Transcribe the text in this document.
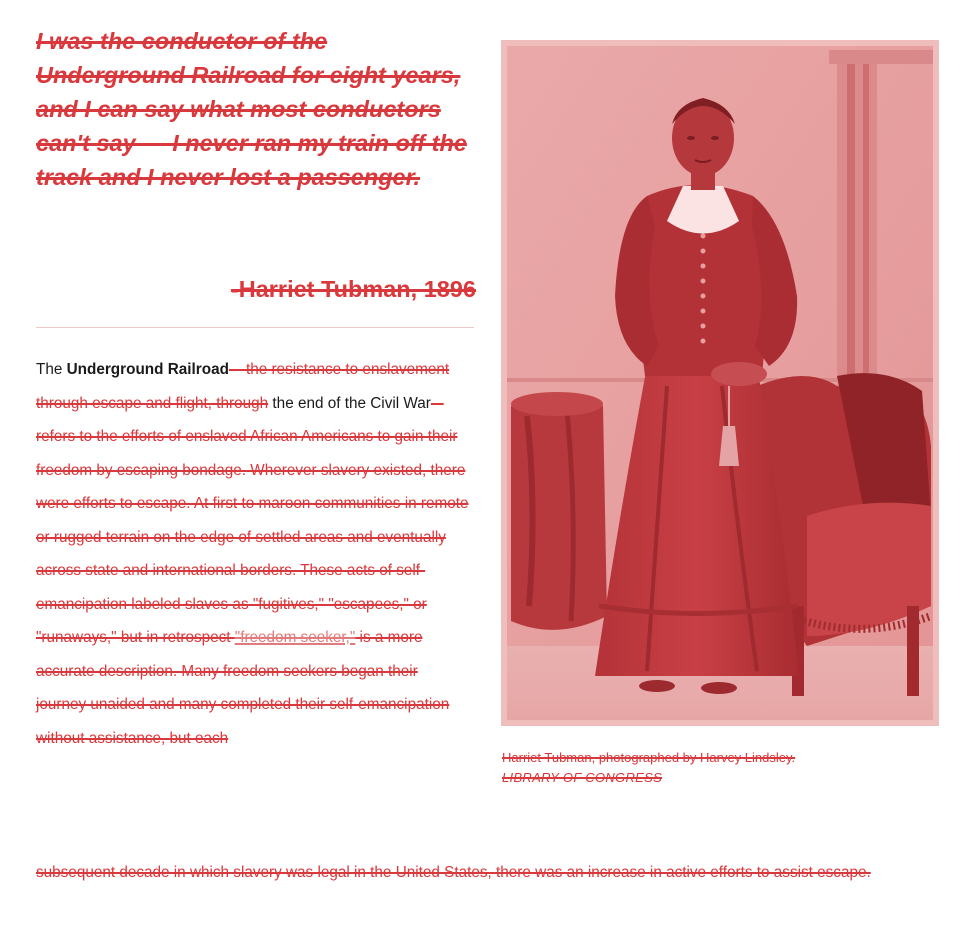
I was the conductor of the Underground Railroad for eight years, and I can say what most conductors can't say — I never ran my train off the track and I never lost a passenger.

-Harriet Tubman, 1896

The Underground Railroad – the resistance to enslavement through escape and flight, through the end of the Civil War – refers to the efforts of enslaved African Americans to gain their freedom by escaping bondage. Wherever slavery existed, there were efforts to escape. At first to maroon communities in remote or rugged terrain on the edge of settled areas and eventually across state and international borders. These acts of self-emancipation labeled slaves as "fugitives," "escapees," or "runaways," but in retrospect "freedom seeker," is a more accurate description. Many freedom seekers began their journey unaided and many completed their self-emancipation without assistance, but each

subsequent decade in which slavery was legal in the United States, there was an increase in active efforts to assist escape.

Harriet Tubman, photographed by Harvey Lindsley.
LIBRARY OF CONGRESS
